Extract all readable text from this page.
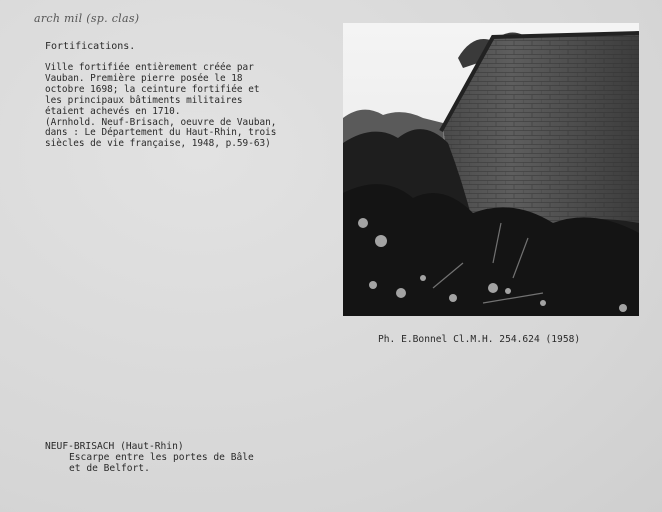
arch mil (sp. clas)
Fortifications.
Ville fortifiée entièrement créée par
Vauban. Première pierre posée le 18
octobre 1698; la ceinture fortifiée et
les principaux bâtiments militaires
étaient achevés en 1710.
(Arnhold. Neuf-Brisach, oeuvre de Vauban,
dans : Le Département du Haut-Rhin, trois
siècles de vie française, 1948, p.59-63)
Ph. E.Bonnel Cl.M.H. 254.624 (1958)
NEUF-BRISACH (Haut-Rhin)
Escarpe entre les portes de Bâle
et de Belfort.
